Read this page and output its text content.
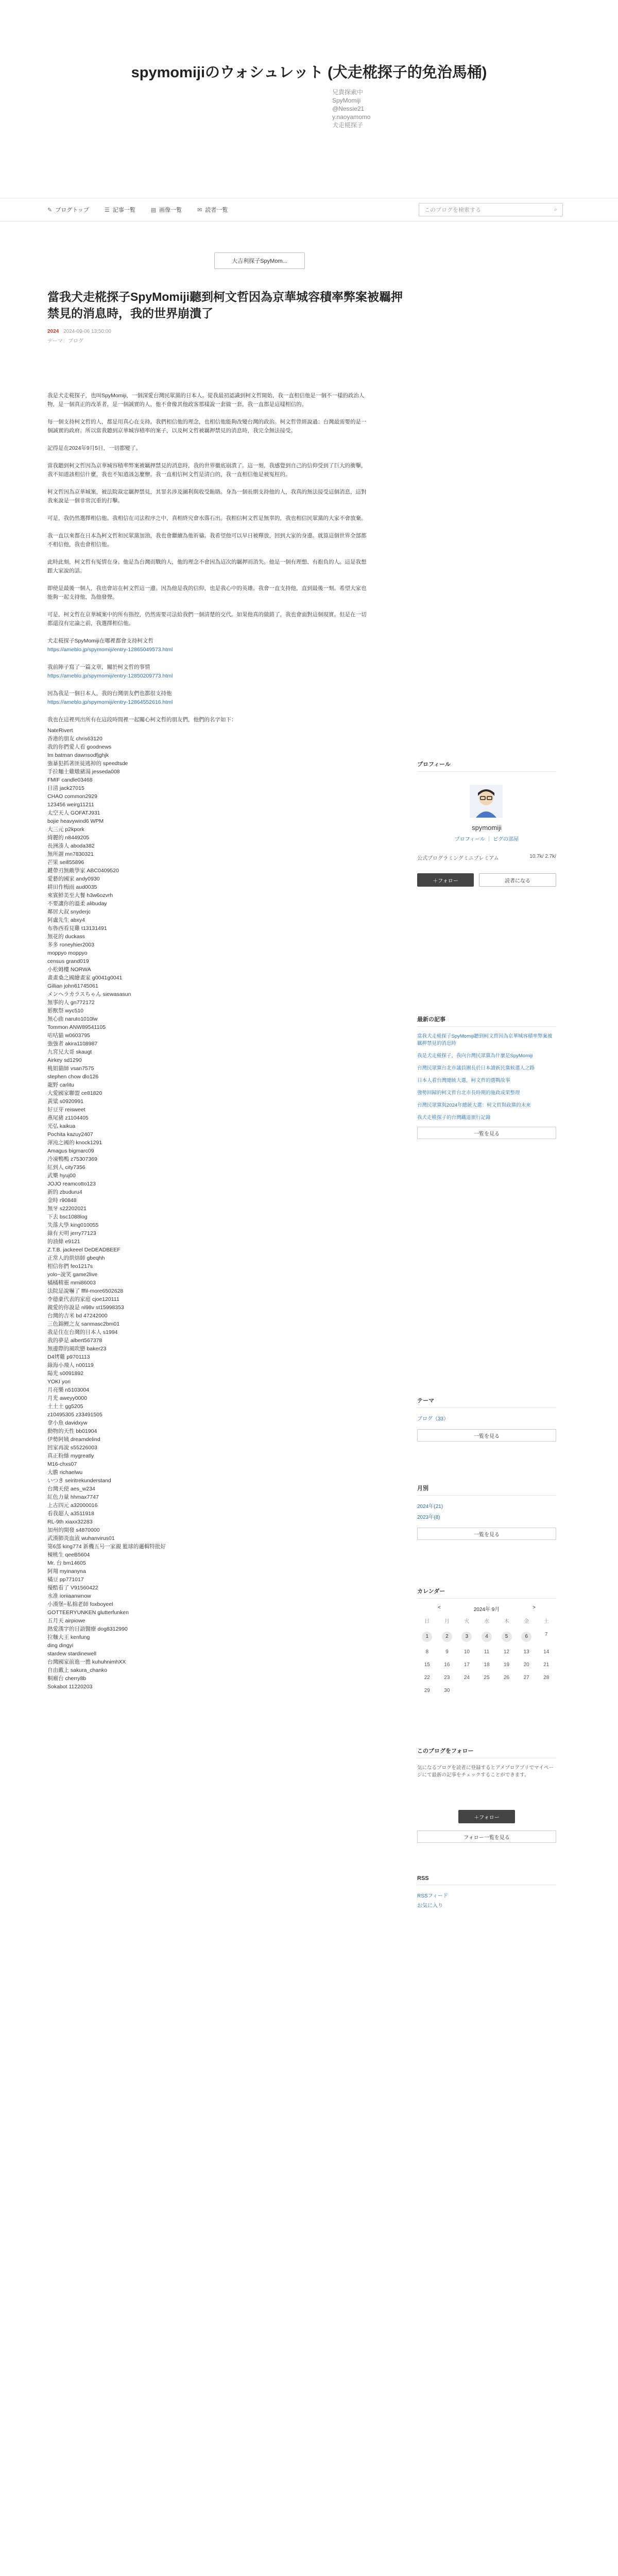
spymomijiのウォシュレット (犬走椛探子的免治馬桶)
兄貴探索中
SpyMomiji
@Nessie21
y.naoyamomo
犬走椛探子
✎ ブログトップ	☰ 記事一覧	▤ 画像一覧	✉ 読者一覧	このブログを検索する	⌕
大吉利探子SpyMom...
當我犬走椛探子SpyMomiji聽到柯文哲因為京華城容積率弊案被羈押禁見的消息時，我的世界崩潰了
2024 2024-09-06 13:50:00
テーマ：ブログ

我是犬走椛探子，也叫SpyMomiji，一個深愛台灣民眾黨的日本人。從我最初認識到柯文哲開始，我一直相信他是一個不一樣的政治人物，是一個真正的改革者，是一個誠實的人，他不會像其他政客那樣說一套做一套，我一直都是這樣相信的。

每一個支持柯文哲的人，都是用真心在支持。我們相信他的理念，也相信他能夠改變台灣的政治。柯文哲曾經說過：台灣最需要的是一個誠實的政府。所以當我聽到京華城容積率的案子，以及柯文哲被羈押禁見的消息時，我完全無法接受。

記得是在2024年9月5日，一切都變了。

當我聽到柯文哲因為京華城容積率弊案被羈押禁見的消息時，我的世界徹底崩潰了。這一刻，我感覺到自己的信仰受到了巨大的衝擊，我不知道該相信什麼，我也不知道該怎麼辦。我一直相信柯文哲是清白的，我一直相信他是被冤枉的。

柯文哲因為京華城案，被法院裁定羈押禁見，其罪名涉及圖利與收受賄賂。身為一個長期支持他的人，我真的無法接受這個消息，這對我來說是一個非常沉重的打擊。

可是，我仍然選擇相信他。我相信在司法程序之中，真相終究會水落石出。我相信柯文哲是無辜的，我也相信民眾黨的大家不會放棄。

我一直以來都在日本為柯文哲和民眾黨加油，我也會繼續為他祈禱。我希望他可以早日被釋放，回到大家的身邊。就算這個世界全部都不相信他，我也會相信他。

此時此刻，柯文哲有冤情在身。他是為台灣而戰的人，他的理念不會因為這次的羈押而消失。他是一個有理想、有抱負的人。這是我想跟大家說的話。

即使是最後一個人，我也會站在柯文哲這一邊。因為他是我的信仰，也是我心中的英雄。我會一直支持他，直到最後一刻。希望大家也能夠一起支持他，為他發聲。

可是，柯文哲在京華城案中的所有指控，仍然需要司法給我們一個清楚的交代。如果他真的做錯了，我也會面對這個現實。但是在一切都還沒有定論之前，我選擇相信他。

犬走椛探子SpyMomiji在哪裡都會支持柯文哲

https://ameblo.jp/spymomiji/entry-12865049573.html

我前陣子寫了一篇文章，關於柯文哲的事情

https://ameblo.jp/spymomiji/entry-12850209773.html

因為我是一個日本人，我的台灣朋友們也都很支持他

https://ameblo.jp/spymomiji/entry-12864552616.html

我也在這裡列出所有在這段時間裡一起關心柯文哲的朋友們，他們的名字如下：

NateRivert
香港的朋友 chris63120
我的你們愛人看 goodnews
Im batman dawnsodfjghjk
強暴犯抓著匪徒逃掉的 speedtsde
手拉麵土雞燉豬湯 jesseda008
FMIF candle03468
日清 jack27015
CHAO common2929
123456 weirg11211
太空天人 GOFATJ931
bojie heavywind6 WPM
大三元 p2kpork
綺麗的 n8449205
長洲湊人 aboda382
無所謂 mn7830321
芒果 seill55896
鍵帶刃無敵學家 ABC0409520
愛藝的國家 andy0930
耕田作梅雨 aud0035
來賓鮮美至大餐 h3w6ozvrh
不要讓你的溫柔 alibuday
鄰居大叔 snyderjc
阿盧先生 abxy4
布魯西看見雞 t13131491
無花的 duckass
多多 roneyhier2003
moppyo moppyo
census grand019
小松姆樓 NORWA
畫畫桑之國繪畫家 g0041g0041
Gillian john61745061
メンヘラカラスちゃん siewasasun
無事的人 gn772172
影獸祭 wyc510
無心曲 naruto1010lw
Tommon ANW89541105
咕咕貓 w0603795
強強者 akira1108987
九宮兄大哥 skaugt
Airkey sd1290
桃姐貓師 vsan7575
stephen chow dlo126
龍野 carlitu
大愛國家聯盟 ce81820
黃粱 s0920991
好豆芽 reisweet
燕尾豬 z1104405
光弘 kaikua
Pochita kazuy2407
渾沌之國的 knock1291
Amagus bigmarc09
冷凍鴨鴨 z75307369
紅到人 city7356
武樂 hyuj00
JOJO reamcotto123
新的 zbuduru4
金時 r90848
無牙 s22202021
下去 bsc1088log
失落大學 king010055
綠有天明 jerry77123
的油條 e9121
Z.T.B. jackeeel DeDEADBEEF
正常人的烘焙師 gbeqhh
相信你們 feo1217s
yolo~說笑 game2live
橘橘精靈 mmi86003
法院是說嚇了 fffil-more6502628
李德豪代表的家庭 cjoe120111
親愛的你說是 nl98v st15998353
台灣的吉米 bd 47242000
三色錦鯉之友 sanmasc2bm01
我是住在台灣的日本人 s1994
我的夢是 albert567378
無邊際的風吹戀 baker23
D4烤雞 p9701113
綠海小飛人 n00119
陽光 s0091892
YOKI yori
月亮樂 n5103004
月光 aweyy0000
土土土 gg5205
z10495305 z33491505
拿小魚 davidxyw
動物的天性 bb01904
伊勢阿姨 dreamdelind
回家再說 s55226003
真正粉絲 mygreatly
M16-chxs07
大膽 richaelwu
いつき seiritrekunderstand
台灣天使 aes_w234
紅色力量 hhmax7747
上古四元 a32000016
看我超人 a3511918
RL-9th xiaxx32283
加州的開發 s4870000
武漢肺炎血液 wuhanvirus01
第6部 king774 新機五号一家親 籃球的邏輯特批好
棟桃生 qeeB5604
Mr. 台 bm14605
阿翔 myinanyna
橘豆 pp771017
優酷看了 V91560422
水准 ioriiaanwnow
小漢堡~私棉老師 foxboyeel
GOTTEERYUNKEN glutterfunken
五月天 airpiowe
熱愛漢字的日語醫療 dog8312990
拉麵大王 kenfung
ding dingyi
stardew stardinewell
台灣國家前進一擔 kuhuhnimhXX
自由戴上 sakura_chanko
桐廟台 cherry8b
Sokabot 11220203
プロフィール
spymomiji
プロフィール ｜ ピグの部屋
公式プログラミングミニプレミアム	10.7k/ 2.7k/
＋フォロー	読者になる
最新の記事
當我犬走椛探子SpyMomiji聽到柯文哲因為京華城容積率弊案被羈押禁見的消息時
我是犬走椛探子，我向台灣民眾黨為什麼是SpyMomiji
台灣民眾黨台北市議員團長於日本讀新民黨候選人之路
日本人看台灣總統大選，柯文哲的選戰故事
強勢回歸的柯文哲台北市長時期的施政成果整理
台灣民眾黨與2024年總統大選：柯文哲與政黨的未來
我犬走椛探子的台灣鐵道旅行記錄
一覧を見る
テーマ
ブログ（33）
一覧を見る
月別
2024年(21)
2023年(8)
一覧を見る
カレンダー
<	2024年 9月	>
日	月	火	水	木	金	土
1	2	3	4	5	6	7
8	9	10	11	12	13	14
15	16	17	18	19	20	21
22	23	24	25	26	27	28
29	30
このブログをフォロー
気になるブログを読者に登録するとアメブロアプリでマイページにて最新の記事をチェックすることができます。
＋フォロー
フォロー一覧を見る
RSS
RSSフィード
お気に入り
